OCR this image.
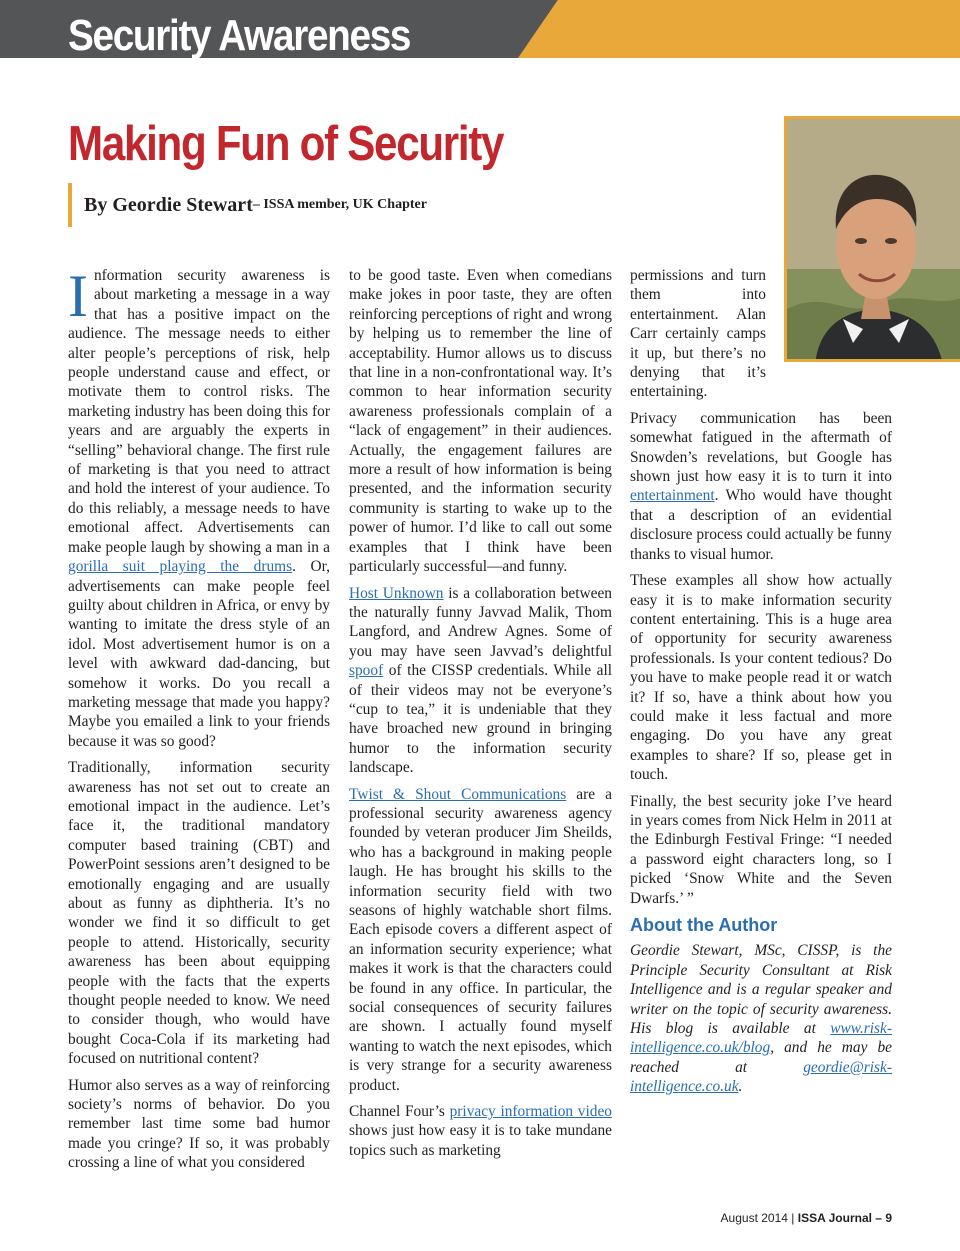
Security Awareness
Making Fun of Security
By Geordie Stewart – ISSA member, UK Chapter

Information security awareness is about marketing a message in a way that has a positive impact on the audience. The message needs to either alter people’s perceptions of risk, help people understand cause and effect, or motivate them to control risks. The marketing industry has been doing this for years and are arguably the experts in “selling” behavioral change. The first rule of marketing is that you need to attract and hold the interest of your audience. To do this reliably, a message needs to have emotional affect. Advertisements can make people laugh by showing a man in a gorilla suit playing the drums. Or, advertisements can make people feel guilty about children in Africa, or envy by wanting to imitate the dress style of an idol. Most advertisement humor is on a level with awkward dad-dancing, but somehow it works. Do you recall a marketing message that made you happy? Maybe you emailed a link to your friends because it was so good?

Traditionally, information security awareness has not set out to create an emotional impact in the audience. Let’s face it, the traditional mandatory computer based training (CBT) and PowerPoint sessions aren’t designed to be emotionally engaging and are usually about as funny as diphtheria. It’s no wonder we find it so difficult to get people to attend. Historically, security awareness has been about equipping people with the facts that the experts thought people needed to know. We need to consider though, who would have bought Coca-Cola if its marketing had focused on nutritional content?

Humor also serves as a way of reinforcing society’s norms of behavior. Do you remember last time some bad humor made you cringe? If so, it was probably crossing a line of what you considered

to be good taste. Even when comedians make jokes in poor taste, they are often reinforcing perceptions of right and wrong by helping us to remember the line of acceptability. Humor allows us to discuss that line in a non-confrontational way. It’s common to hear information security awareness professionals complain of a “lack of engagement” in their audiences. Actually, the engagement failures are more a result of how information is being presented, and the information security community is starting to wake up to the power of humor. I’d like to call out some examples that I think have been particularly successful—and funny.

Host Unknown is a collaboration between the naturally funny Javvad Malik, Thom Langford, and Andrew Agnes. Some of you may have seen Javvad’s delightful spoof of the CISSP credentials. While all of their videos may not be everyone’s “cup to tea,” it is undeniable that they have broached new ground in bringing humor to the information security landscape.

Twist & Shout Communications are a professional security awareness agency founded by veteran producer Jim Sheilds, who has a background in making people laugh. He has brought his skills to the information security field with two seasons of highly watchable short films. Each episode covers a different aspect of an information security experience; what makes it work is that the characters could be found in any office. In particular, the social consequences of security failures are shown. I actually found myself wanting to watch the next episodes, which is very strange for a security awareness product.

Channel Four’s privacy information video shows just how easy it is to take mundane topics such as marketing

permissions and turn them into entertainment. Alan Carr certainly camps it up, but there’s no denying that it’s entertaining.

Privacy communication has been somewhat fatigued in the aftermath of Snowden’s revelations, but Google has shown just how easy it is to turn it into entertainment. Who would have thought that a description of an evidential disclosure process could actually be funny thanks to visual humor.

These examples all show how actually easy it is to make information security content entertaining. This is a huge area of opportunity for security awareness professionals. Is your content tedious? Do you have to make people read it or watch it? If so, have a think about how you could make it less factual and more engaging. Do you have any great examples to share? If so, please get in touch.

Finally, the best security joke I’ve heard in years comes from Nick Helm in 2011 at the Edinburgh Festival Fringe: “I needed a password eight characters long, so I picked ‘Snow White and the Seven Dwarfs.’ ”

About the Author

Geordie Stewart, MSc, CISSP, is the Principle Security Consultant at Risk Intelligence and is a regular speaker and writer on the topic of security awareness. His blog is available at www.risk-intelligence.co.uk/blog, and he may be reached at geordie@risk-intelligence.co.uk.

August 2014 | ISSA Journal – 9
